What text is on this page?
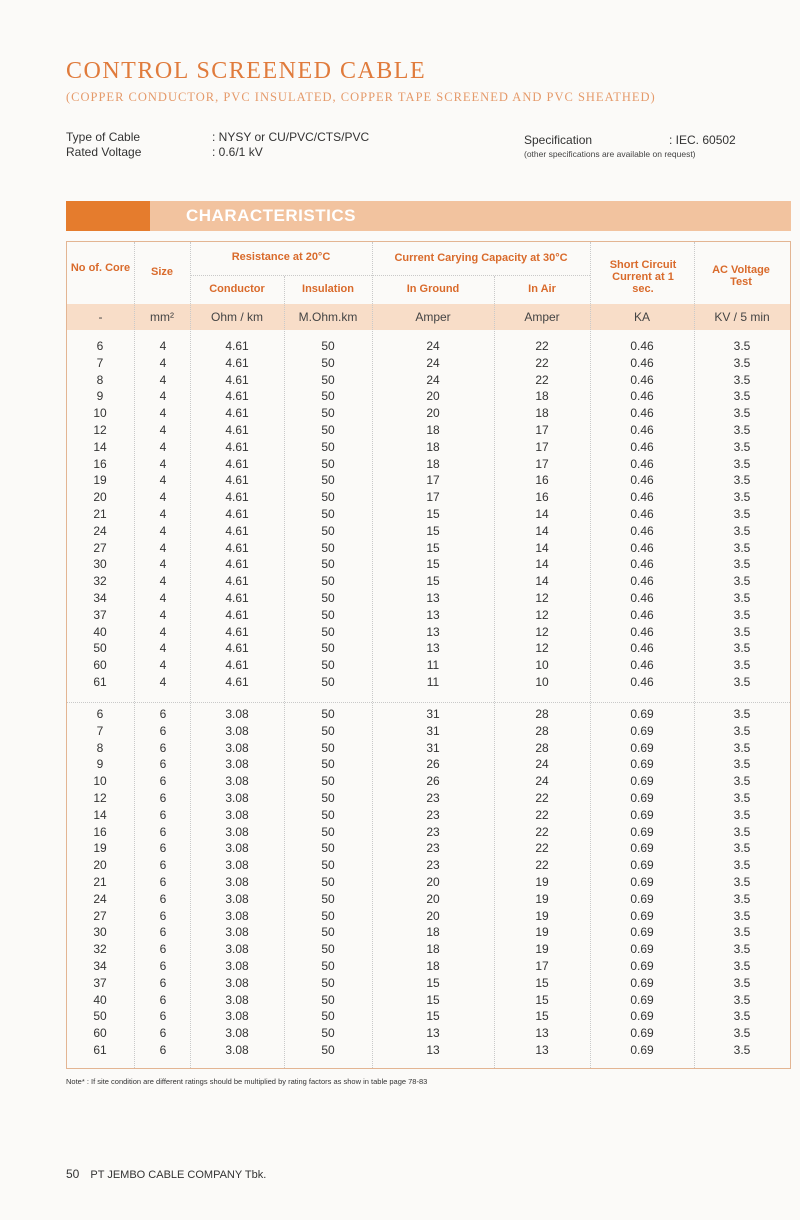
CONTROL SCREENED CABLE
(COPPER CONDUCTOR, PVC INSULATED, COPPER TAPE SCREENED AND PVC SHEATHED)
Type of Cable	: NYSY or CU/PVC/CTS/PVC
Rated Voltage	: 0.6/1 kV
Specification	: IEC. 60502
(other specifications are available on request)
CHARACTERISTICS
No of. Core	Size
Resistance at 20°C
Conductor	Insulation
Current Carying Capacity at 30°C
In Ground	In Air
Short Circuit Current at 1 sec.
AC Voltage Test
-	mm²	Ohm / km	M.Ohm.km	Amper	Amper	KA	KV / 5 min
6	4	4.61	50	24	22	0.46	3.5
7	4	4.61	50	24	22	0.46	3.5
8	4	4.61	50	24	22	0.46	3.5
9	4	4.61	50	20	18	0.46	3.5
10	4	4.61	50	20	18	0.46	3.5
12	4	4.61	50	18	17	0.46	3.5
14	4	4.61	50	18	17	0.46	3.5
16	4	4.61	50	18	17	0.46	3.5
19	4	4.61	50	17	16	0.46	3.5
20	4	4.61	50	17	16	0.46	3.5
21	4	4.61	50	15	14	0.46	3.5
24	4	4.61	50	15	14	0.46	3.5
27	4	4.61	50	15	14	0.46	3.5
30	4	4.61	50	15	14	0.46	3.5
32	4	4.61	50	15	14	0.46	3.5
34	4	4.61	50	13	12	0.46	3.5
37	4	4.61	50	13	12	0.46	3.5
40	4	4.61	50	13	12	0.46	3.5
50	4	4.61	50	13	12	0.46	3.5
60	4	4.61	50	11	10	0.46	3.5
61	4	4.61	50	11	10	0.46	3.5
6	6	3.08	50	31	28	0.69	3.5
7	6	3.08	50	31	28	0.69	3.5
8	6	3.08	50	31	28	0.69	3.5
9	6	3.08	50	26	24	0.69	3.5
10	6	3.08	50	26	24	0.69	3.5
12	6	3.08	50	23	22	0.69	3.5
14	6	3.08	50	23	22	0.69	3.5
16	6	3.08	50	23	22	0.69	3.5
19	6	3.08	50	23	22	0.69	3.5
20	6	3.08	50	23	22	0.69	3.5
21	6	3.08	50	20	19	0.69	3.5
24	6	3.08	50	20	19	0.69	3.5
27	6	3.08	50	20	19	0.69	3.5
30	6	3.08	50	18	19	0.69	3.5
32	6	3.08	50	18	19	0.69	3.5
34	6	3.08	50	18	17	0.69	3.5
37	6	3.08	50	15	15	0.69	3.5
40	6	3.08	50	15	15	0.69	3.5
50	6	3.08	50	15	15	0.69	3.5
60	6	3.08	50	13	13	0.69	3.5
61	6	3.08	50	13	13	0.69	3.5
Note* : If site condition are different ratings should be multiplied by rating factors as show in table page 78-83
50 PT JEMBO CABLE COMPANY Tbk.
